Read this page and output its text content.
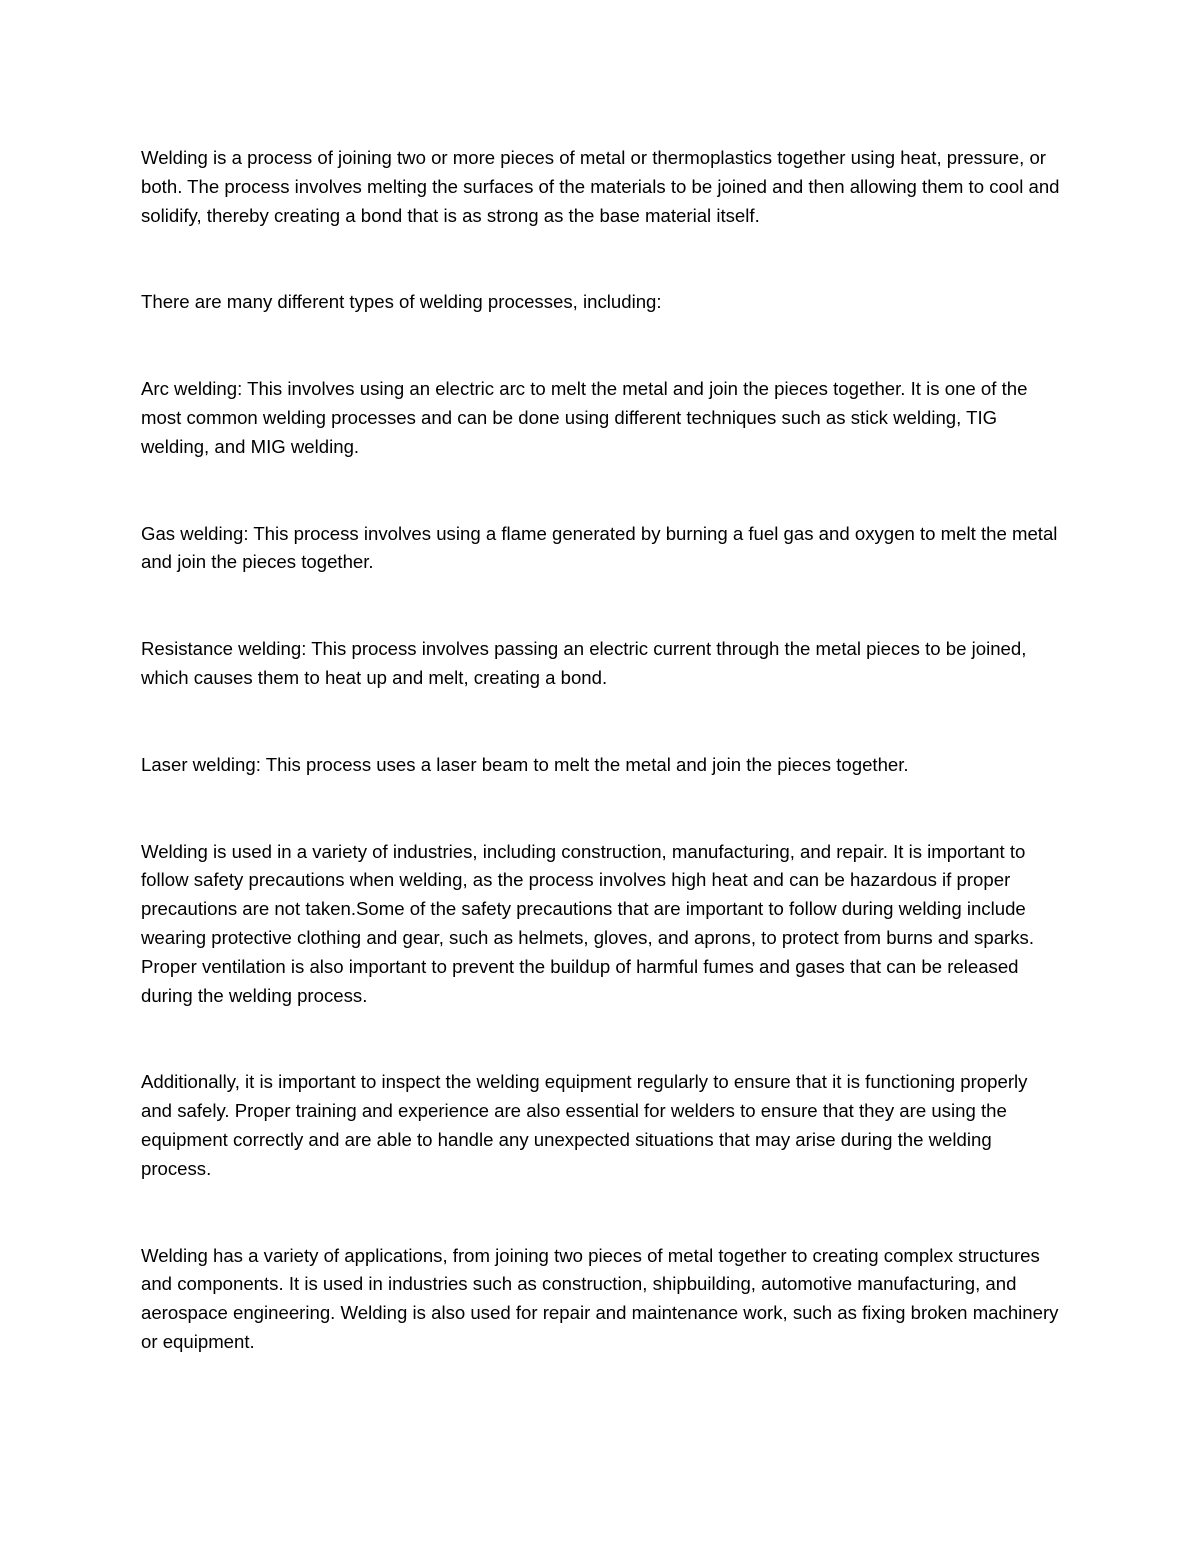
Welding is a process of joining two or more pieces of metal or thermoplastics together using heat, pressure, or both. The process involves melting the surfaces of the materials to be joined and then allowing them to cool and solidify, thereby creating a bond that is as strong as the base material itself.

There are many different types of welding processes, including:

Arc welding: This involves using an electric arc to melt the metal and join the pieces together. It is one of the most common welding processes and can be done using different techniques such as stick welding, TIG welding, and MIG welding.

Gas welding: This process involves using a flame generated by burning a fuel gas and oxygen to melt the metal and join the pieces together.

Resistance welding: This process involves passing an electric current through the metal pieces to be joined, which causes them to heat up and melt, creating a bond.

Laser welding: This process uses a laser beam to melt the metal and join the pieces together.

Welding is used in a variety of industries, including construction, manufacturing, and repair. It is important to follow safety precautions when welding, as the process involves high heat and can be hazardous if proper precautions are not taken.Some of the safety precautions that are important to follow during welding include wearing protective clothing and gear, such as helmets, gloves, and aprons, to protect from burns and sparks. Proper ventilation is also important to prevent the buildup of harmful fumes and gases that can be released during the welding process.

Additionally, it is important to inspect the welding equipment regularly to ensure that it is functioning properly and safely. Proper training and experience are also essential for welders to ensure that they are using the equipment correctly and are able to handle any unexpected situations that may arise during the welding process.

Welding has a variety of applications, from joining two pieces of metal together to creating complex structures and components. It is used in industries such as construction, shipbuilding, automotive manufacturing, and aerospace engineering. Welding is also used for repair and maintenance work, such as fixing broken machinery or equipment.
